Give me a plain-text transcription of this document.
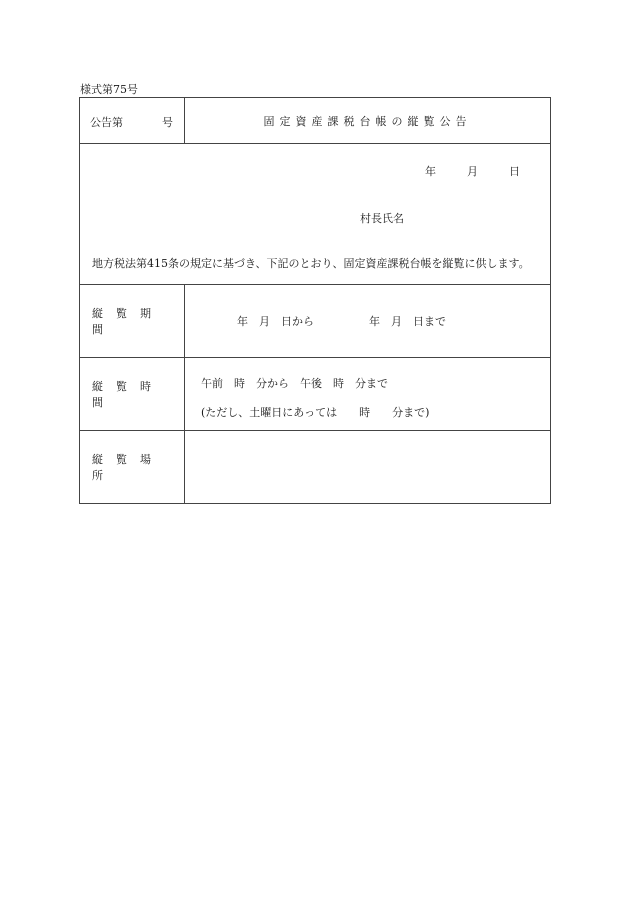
様式第75号
公告第 号	固定資産課税台帳の縦覧公告

年 月 日
村長氏名
地方税法第415条の規定に基づき、下記のとおり、固定資産課税台帳を縦覧に供します。	

縦 覧 期間	年　月　日から　　　　　年　月　日まで
縦 覧 時間	午前　時　分から　午後　時　分まで
(ただし、土曜日にあっては　　時　　分まで)

縦 覧 場所	
